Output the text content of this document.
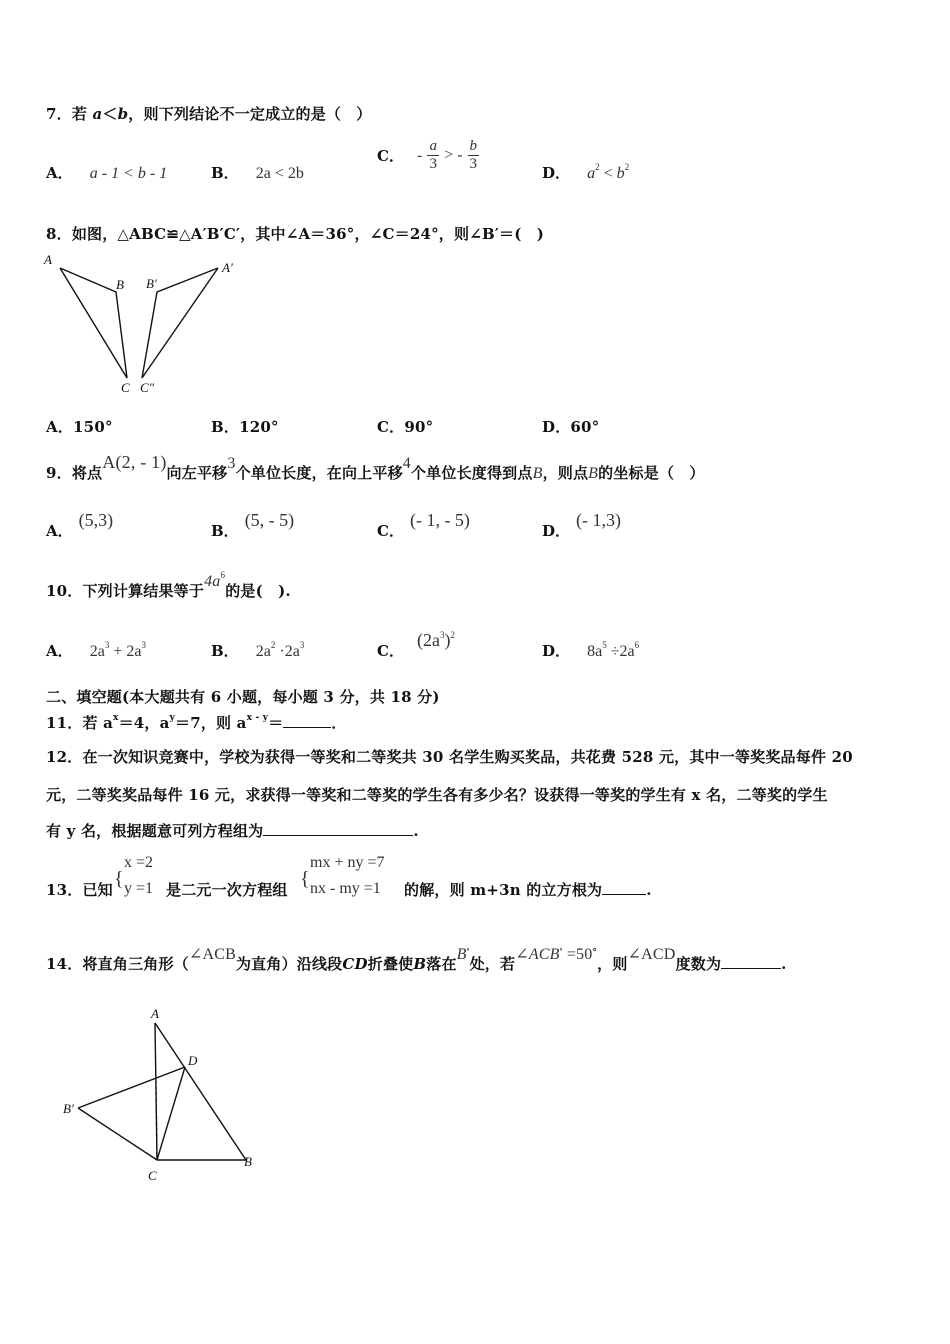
7．若 a＜b，则下列结论不一定成立的是（　）
A． a - 1 < b - 1	B． 2a < 2b
C． - $\frac{a}{3}$ > - $\frac{b}{3}$	D． $a^2 < b^2$
8．如图，△ABC≌△A′B′C′，其中∠A＝36°，∠C＝24°，则∠B′＝(　)
A
B
C
A′
B′
C″
A．150°	B．120°	C．90°	D．60°
9．将点A(2, - 1)向左平移3个单位长度，在向上平移4个单位长度得到点B，则点B的坐标是（　）
A．(5,3)
B．(5, - 5)
C．(- 1, - 5)
D．(- 1,3)
10．下列计算结果等于$4a^6$的是(　).
A． $2a^3 + 2a^3$	B． $2a^2 \cdot 2a^3$	C． $(2a^3)^2$
D． $8a^5 \div 2a^6$
二、填空题(本大题共有 6 小题，每小题 3 分，共 18 分)
11．若 $a^x=4$，$a^y=7$，则 $a^{x - y}=$	．
12．在一次知识竞赛中，学校为获得一等奖和二等奖共 30 名学生购买奖品，共花费 528 元，其中一等奖奖品每件 20
元，二等奖奖品每件 16 元，求获得一等奖和二等奖的学生各有多少名？设获得一等奖的学生有 x 名，二等奖的学生
有 y 名，根据题意可列方程组为	.
13．已知 {
x =2
y =1 是二元一次方程组 {
mx + ny =7
nx - my =1 的解，则 m+3n 的立方根为	.
14．将直角三角形（∠ACB为直角）沿线段CD折叠使B落在B'处，若∠ACB' =50°，则∠ACD度数为	.
A
D
B′
C
B
